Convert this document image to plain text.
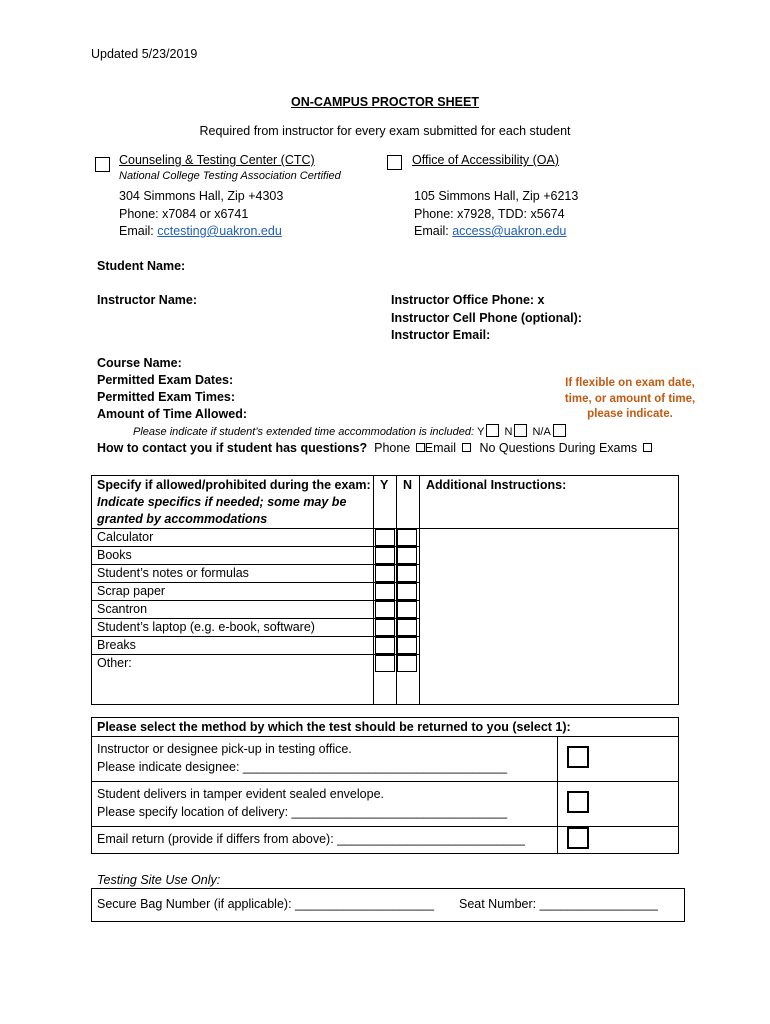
Updated 5/23/2019
ON-CAMPUS PROCTOR SHEET
Required from instructor for every exam submitted for each student
Counseling & Testing Center (CTC)
National College Testing Association Certified
304 Simmons Hall, Zip +4303
Phone: x7084 or x6741
Email: cctesting@uakron.edu
Office of Accessibility (OA)
105 Simmons Hall, Zip +6213
Phone: x7928, TDD: x5674
Email: access@uakron.edu
Student Name:
Instructor Name:	Instructor Office Phone: x
Instructor Cell Phone (optional):
Instructor Email:
Course Name:
Permitted Exam Dates:
Permitted Exam Times:
Amount of Time Allowed:
If flexible on exam date,
time, or amount of time,
please indicate.
Please indicate if student’s extended time accommodation is included: Y N N/A
How to contact you if student has questions? Phone Email No Questions During Exams
Specify if allowed/prohibited during the exam:
Indicate specifics if needed; some may be
granted by accommodations
Y N Additional Instructions:
Calculator
Books
Student’s notes or formulas
Scrap paper
Scantron
Student’s laptop (e.g. e-book, software)
Breaks
Other:
Please select the method by which the test should be returned to you (select 1):
Instructor or designee pick-up in testing office.
Please indicate designee: ______________________________________
Student delivers in tamper evident sealed envelope.
Please specify location of delivery: _______________________________
Email return (provide if differs from above): ___________________________
Testing Site Use Only:
Secure Bag Number (if applicable): ____________________ Seat Number: _________________
